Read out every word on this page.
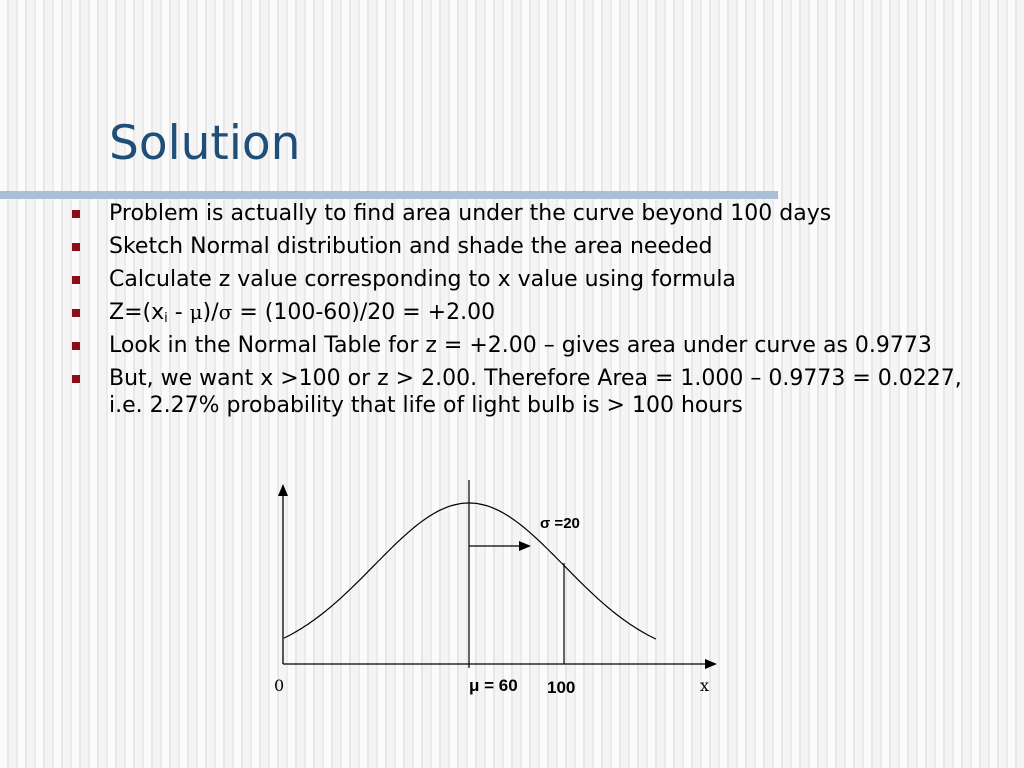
Solution
Problem is actually to find area under the curve beyond 100 days
Sketch Normal distribution and shade the area needed
Calculate z value corresponding to x value using formula
$Z=(x_i - \mu)/\sigma = (100-60)/20 = +2.00$
Look in the Normal Table for z = +2.00 – gives area under curve as 0.9773
But, we want x >100 or z > 2.00. Therefore Area = 1.000 – 0.9773 = 0.0227, i.e. 2.27% probability that life of light bulb is > 100 hours
σ =20
0	μ = 60 100	x
